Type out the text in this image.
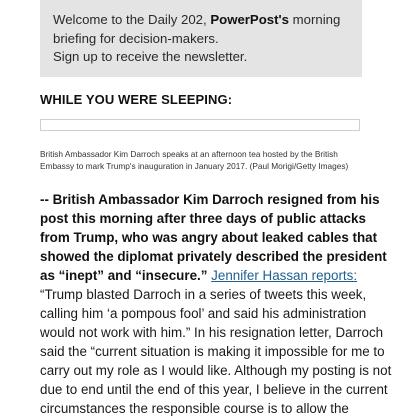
Welcome to the Daily 202, PowerPost's morning
briefing for decision-makers.
Sign up to receive the newsletter.
WHILE YOU WERE SLEEPING:
British Ambassador Kim Darroch speaks at an afternoon tea hosted by the British
Embassy to mark Trump's inauguration in January 2017. (Paul Morigi/Getty Images)
-- British Ambassador Kim Darroch resigned from his
post this morning after three days of public attacks
from Trump, who was angry about leaked cables that
showed the diplomat privately described the president
as “inept” and “insecure.” Jennifer Hassan reports:
“Trump blasted Darroch in a series of tweets this week,
calling him ‘a pompous fool’ and said his administration
would not work with him.” In his resignation letter, Darroch
said the “current situation is making it impossible for me to
carry out my role as I would like. Although my posting is not
due to end until the end of this year, I believe in the current
circumstances the responsible course is to allow the
